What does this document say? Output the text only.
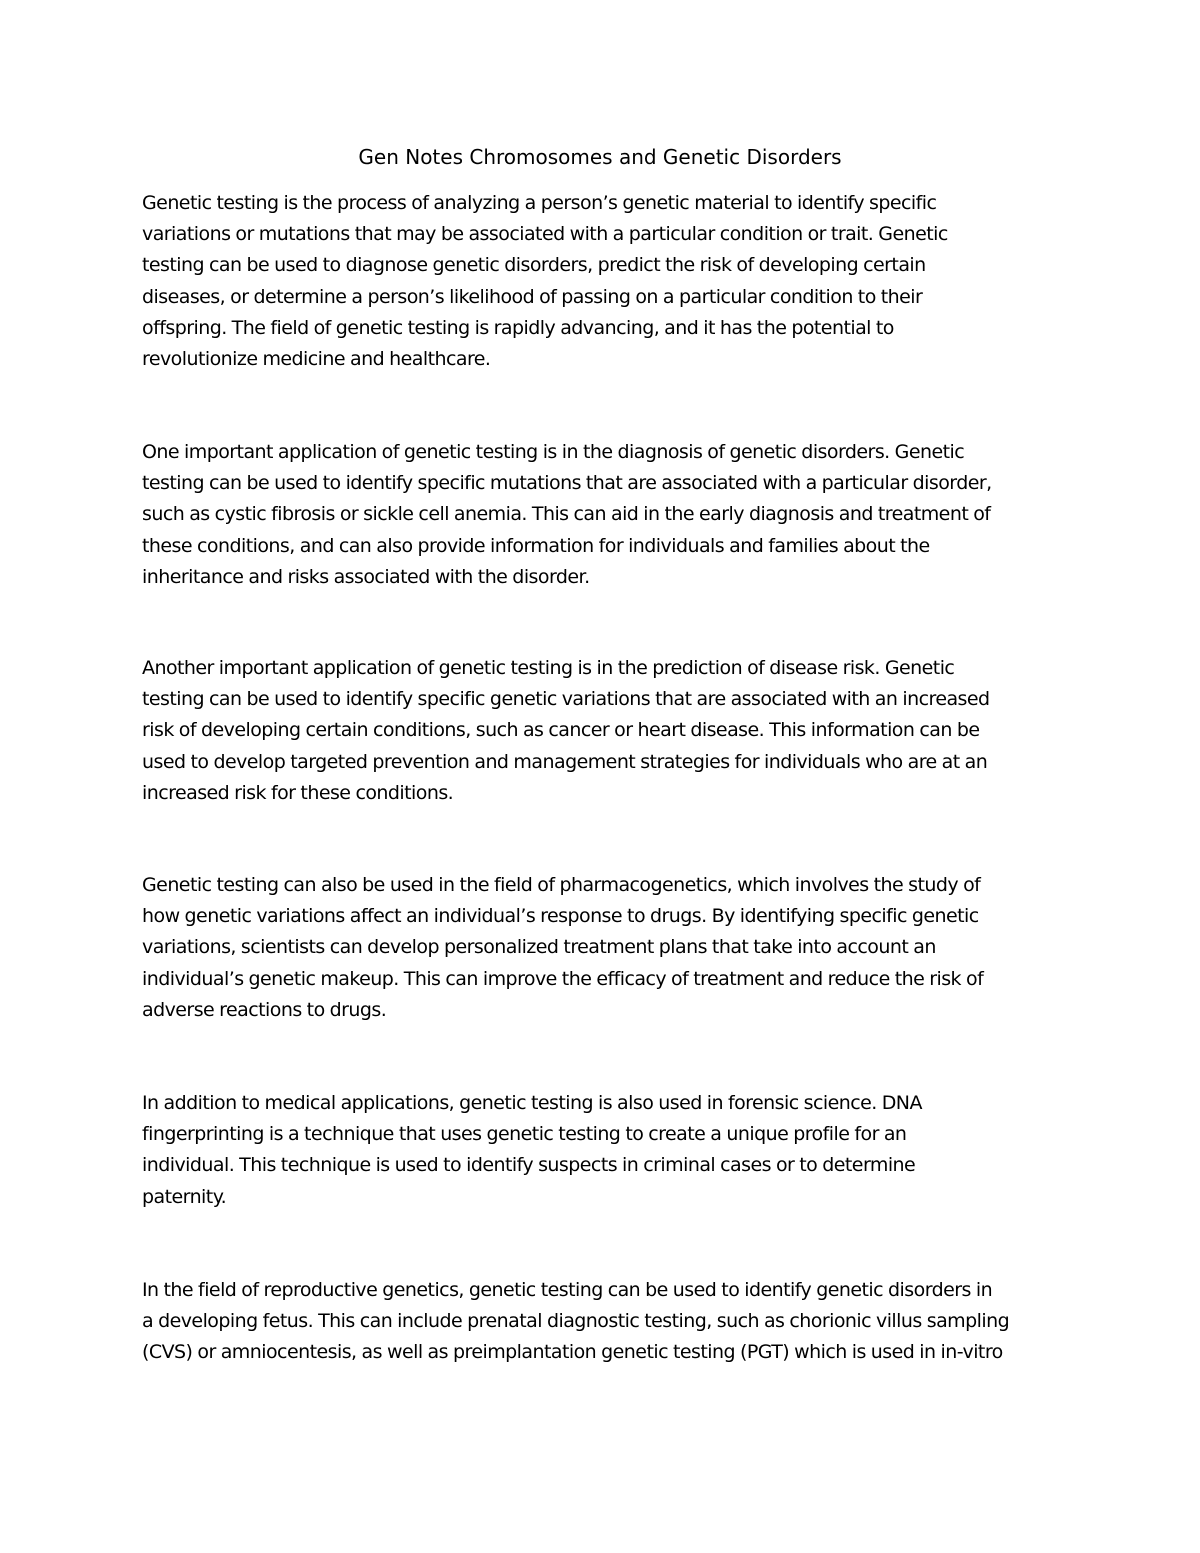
Gen Notes Chromosomes and Genetic Disorders

Genetic testing is the process of analyzing a person’s genetic material to identify specific
variations or mutations that may be associated with a particular condition or trait. Genetic
testing can be used to diagnose genetic disorders, predict the risk of developing certain
diseases, or determine a person’s likelihood of passing on a particular condition to their
offspring. The field of genetic testing is rapidly advancing, and it has the potential to
revolutionize medicine and healthcare.

One important application of genetic testing is in the diagnosis of genetic disorders. Genetic
testing can be used to identify specific mutations that are associated with a particular disorder,
such as cystic fibrosis or sickle cell anemia. This can aid in the early diagnosis and treatment of
these conditions, and can also provide information for individuals and families about the
inheritance and risks associated with the disorder.

Another important application of genetic testing is in the prediction of disease risk. Genetic
testing can be used to identify specific genetic variations that are associated with an increased
risk of developing certain conditions, such as cancer or heart disease. This information can be
used to develop targeted prevention and management strategies for individuals who are at an
increased risk for these conditions.

Genetic testing can also be used in the field of pharmacogenetics, which involves the study of
how genetic variations affect an individual’s response to drugs. By identifying specific genetic
variations, scientists can develop personalized treatment plans that take into account an
individual’s genetic makeup. This can improve the efficacy of treatment and reduce the risk of
adverse reactions to drugs.

In addition to medical applications, genetic testing is also used in forensic science. DNA
fingerprinting is a technique that uses genetic testing to create a unique profile for an
individual. This technique is used to identify suspects in criminal cases or to determine
paternity.

In the field of reproductive genetics, genetic testing can be used to identify genetic disorders in
a developing fetus. This can include prenatal diagnostic testing, such as chorionic villus sampling
(CVS) or amniocentesis, as well as preimplantation genetic testing (PGT) which is used in in-vitro
